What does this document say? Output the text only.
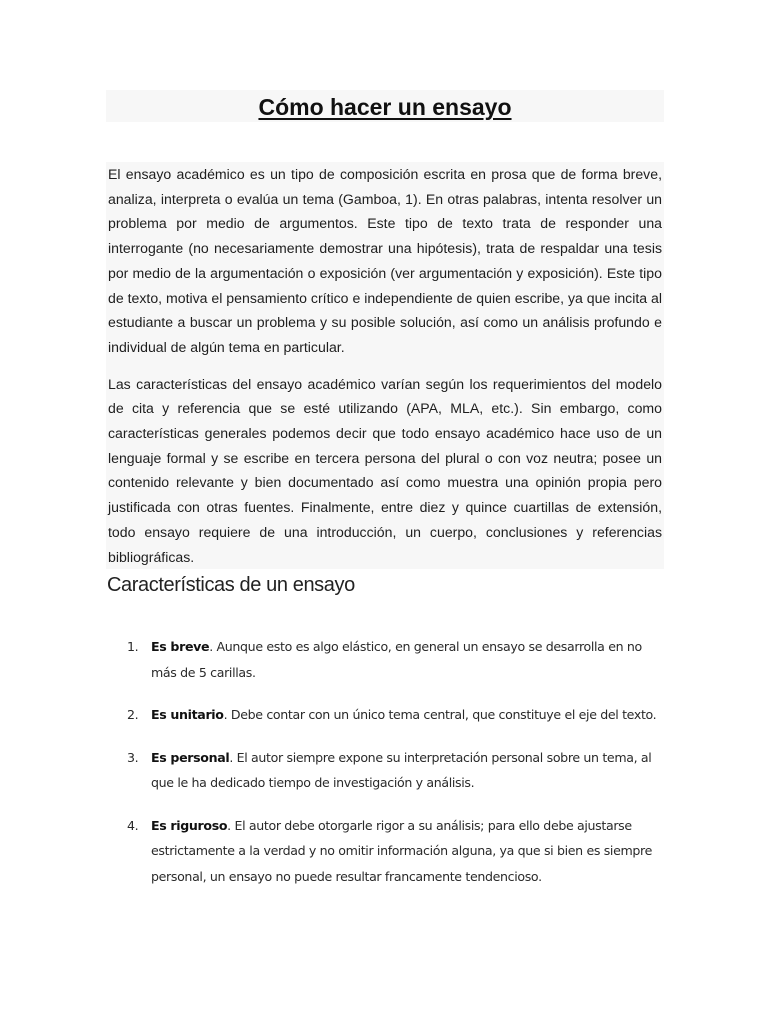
Cómo hacer un ensayo

El ensayo académico es un tipo de composición escrita en prosa que de forma breve, analiza, interpreta o evalúa un tema (Gamboa, 1). En otras palabras, intenta resolver un problema por medio de argumentos. Este tipo de texto trata de responder una interrogante (no necesariamente demostrar una hipótesis), trata de respaldar una tesis por medio de la argumentación o exposición (ver argumentación y exposición). Este tipo de texto, motiva el pensamiento crítico e independiente de quien escribe, ya que incita al estudiante a buscar un problema y su posible solución, así como un análisis profundo e individual de algún tema en particular.

Las características del ensayo académico varían según los requerimientos del modelo de cita y referencia que se esté utilizando (APA, MLA, etc.). Sin embargo, como características generales podemos decir que todo ensayo académico hace uso de un lenguaje formal y se escribe en tercera persona del plural o con voz neutra; posee un contenido relevante y bien documentado así como muestra una opinión propia pero justificada con otras fuentes. Finalmente, entre diez y quince cuartillas de extensión, todo ensayo requiere de una introducción, un cuerpo, conclusiones y referencias bibliográficas.

Características de un ensayo
1. Es breve. Aunque esto es algo elástico, en general un ensayo se desarrolla en no más de 5 carillas.
2. Es unitario. Debe contar con un único tema central, que constituye el eje del texto.
3. Es personal. El autor siempre expone su interpretación personal sobre un tema, al que le ha dedicado tiempo de investigación y análisis.
4. Es riguroso. El autor debe otorgarle rigor a su análisis; para ello debe ajustarse estrictamente a la verdad y no omitir información alguna, ya que si bien es siempre personal, un ensayo no puede resultar francamente tendencioso.
